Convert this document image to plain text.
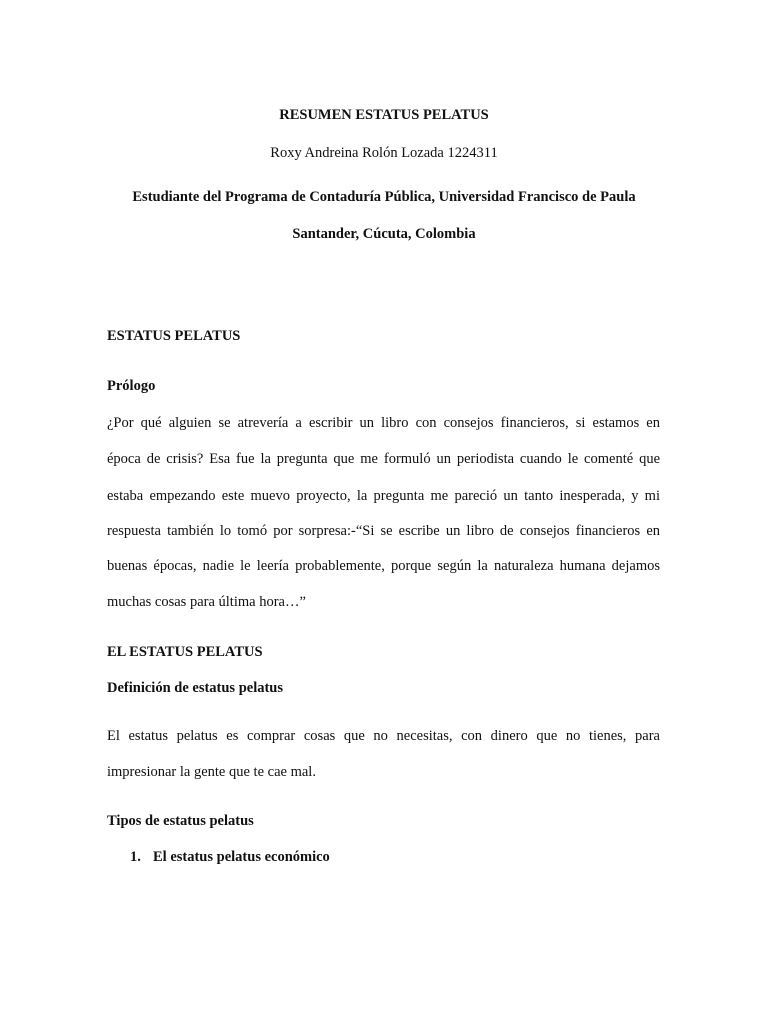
RESUMEN ESTATUS PELATUS
Roxy Andreina Rolón Lozada 1224311
Estudiante del Programa de Contaduría Pública, Universidad Francisco de Paula
Santander, Cúcuta, Colombia
ESTATUS PELATUS
Prólogo
¿Por qué alguien se atrevería a escribir un libro con consejos financieros, si estamos en
época de crisis? Esa fue la pregunta que me formuló un periodista cuando le comenté que
estaba empezando este muevo proyecto, la pregunta me pareció un tanto inesperada, y mi
respuesta también lo tomó por sorpresa:-“Si se escribe un libro de consejos financieros en
buenas épocas, nadie le leería probablemente, porque según la naturaleza humana dejamos
muchas cosas para última hora…”
EL ESTATUS PELATUS
Definición de estatus pelatus
El estatus pelatus es comprar cosas que no necesitas, con dinero que no tienes, para
impresionar la gente que te cae mal.
Tipos de estatus pelatus
1. El estatus pelatus económico
